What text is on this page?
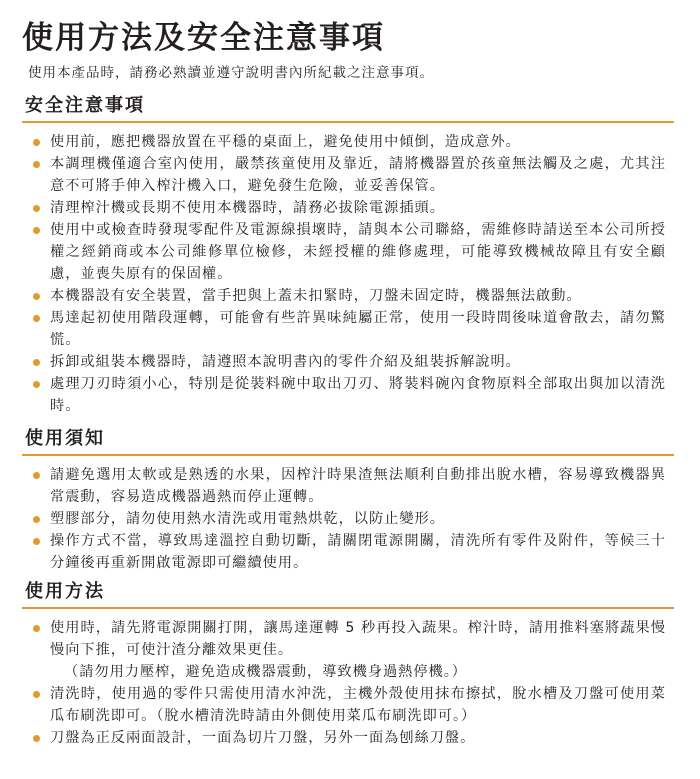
使用方法及安全注意事項

使用本產品時，請務必熟讀並遵守說明書內所紀載之注意事項。

安全注意事項
使用前，應把機器放置在平穩的桌面上，避免使用中傾倒，造成意外。
本調理機僅適合室內使用，嚴禁孩童使用及靠近，請將機器置於孩童無法觸及之處，尤其注意不可將手伸入榨汁機入口，避免發生危險，並妥善保管。
清理榨汁機或長期不使用本機器時，請務必拔除電源插頭。
使用中或檢查時發現零配件及電源線損壞時，請與本公司聯絡，需維修時請送至本公司所授權之經銷商或本公司維修單位檢修，未經授權的維修處理，可能導致機械故障且有安全顧慮，並喪失原有的保固權。
本機器設有安全裝置，當手把與上蓋未扣緊時，刀盤未固定時，機器無法啟動。
馬達起初使用階段運轉，可能會有些許異味純屬正常，使用一段時間後味道會散去，請勿驚慌。
拆卸或組裝本機器時，請遵照本說明書內的零件介紹及組裝拆解說明。
處理刀刃時須小心，特別是從裝料碗中取出刀刃、將裝料碗內食物原料全部取出與加以清洗時。
使用須知
請避免選用太軟或是熟透的水果，因榨汁時果渣無法順利自動排出脫水槽，容易導致機器異常震動，容易造成機器過熱而停止運轉。
塑膠部分，請勿使用熱水清洗或用電熱烘乾，以防止變形。
操作方式不當，導致馬達溫控自動切斷，請關閉電源開關，清洗所有零件及附件，等候三十分鐘後再重新開啟電源即可繼續使用。
使用方法
使用時，請先將電源開關打開，讓馬達運轉 5 秒再投入蔬果。榨汁時，請用推料塞將蔬果慢慢向下推，可使汁渣分離效果更佳。
（請勿用力壓榨，避免造成機器震動，導致機身過熱停機。）
清洗時，使用過的零件只需使用清水沖洗，主機外殼使用抹布擦拭，脫水槽及刀盤可使用菜瓜布刷洗即可。（脫水槽清洗時請由外側使用菜瓜布刷洗即可。）
刀盤為正反兩面設計，一面為切片刀盤，另外一面為刨絲刀盤。
